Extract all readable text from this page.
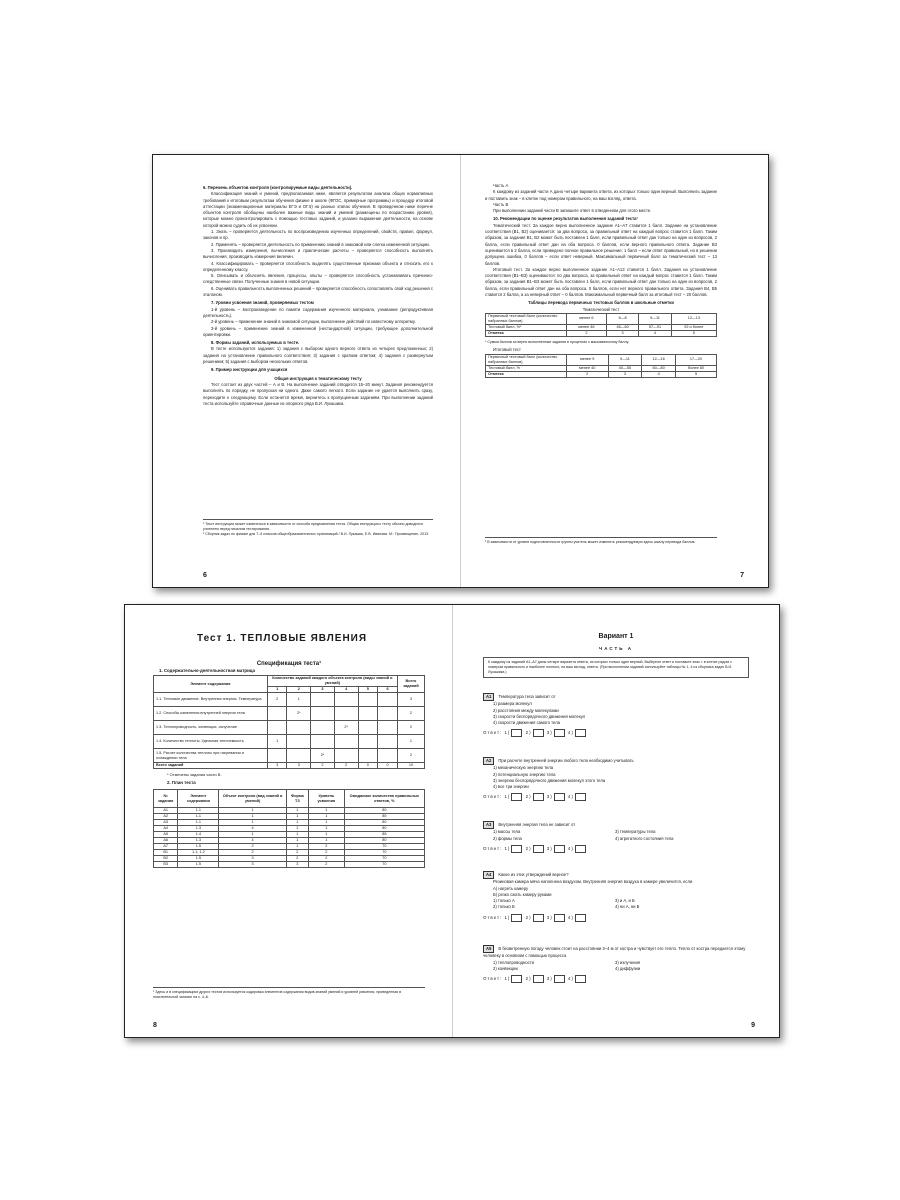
6. Перечень объектов контроля (контролируемые виды деятельности).
Классификация знаний и умений, предполагаемая ниже, является результатом анализа общих нормативных требований к итоговым результатам обучения физике в школе (ФГОС, примерные программы) и процедур итоговой аттестации (экзаменационные материалы ЕГЭ и ОГЭ) на разных этапах обучения. В проведенном ниже перечне объектов контроля обобщены наиболее важные виды знаний и умений (размещены по возрастанию уровня), которые можно проконтролировать с помощью тестовых заданий, и указано выражение деятельности, на основе которой можно судить об их усвоении.
1. Знать – проверяется деятельность по воспроизведению изученных определений, свойств, правил, формул, законов и пр.
2. Применять – проверяется деятельность по применению знаний в знакомой или слегка измененной ситуации.
3. Производить измерения, вычисления и практические расчеты – проверяется способность выполнять вычисления, производить измерения величин.
4. Классифицировать – проверяется способность выделять существенные признаки объекта и относить его к определенному классу.
5. Описывать и объяснять явления, процессы, опыты – проверяется способность устанавливать причинно-следственные связи. Полученные знания в новой ситуации.
6. Оценивать правильность выполненных решений – проверяется способность сопоставлять свой ход решения с эталоном.
7. Уровни усвоения знаний, проверяемых тестом
1-й уровень – воспроизведение по памяти содержания изученного материала, узнавание (репродуктивная деятельность).
2-й уровень – применение знаний в знакомой ситуации, выполнение действий по известному алгоритму.
3-й уровень – применение знаний в измененной (нестандартной) ситуации, требующее дополнительной ориентировки.
8. Формы заданий, используемых в тесте.
В тесте используются задания: 1) задания с выбором одного верного ответа из четырех предложенных; 2) задания на установление правильного соответствия; 3) задания с кратким ответом; 4) задания с развернутым решением; 5) задания с выбором нескольких ответов.
9. Пример инструкции для учащихся
Общая инструкция к тематическому тесту
Тест состоит из двух частей – А и В. На выполнение заданий отводится 15–20 минут. Задания рекомендуется выполнять по порядку, не пропуская ни одного. Даже самого легкого. Если задание не удается выполнить сразу, переходите к следующему. Если останется время, вернитесь к пропущенным заданиям. При выполнении заданий теста используйте справочные данные из опорного ряда В.И. Лукашика.
¹ Текст инструкции может изменяться в зависимости от способа предъявления теста. Общая инструкция к тесту обычно доводится учителем перед началом тестирования.
² Сборник задач по физике для 7–9 классов общеобразовательных организаций / В.И. Лукашик, Е.В. Иванова. М.: Просвещение, 2013.
6
Часть А
К каждому из заданий части А дано четыре варианта ответа, из которых только один верный. Выполнить задание и поставить знак – в клетке под номером правильного, на ваш взгляд, ответа.
Часть В
При выполнении заданий части В запишите ответ в отведенном для этого месте.
10. Рекомендации по оценке результатов выполнения заданий теста²
Тематический тест. За каждое верно выполненное задание А1–А7 ставится 1 балл. Задание на установление соответствия (В1, В2) оценивается: за два вопроса, за правильный ответ на каждый вопрос ставится 1 балл. Таким образом, за задания В1, В2 может быть поставлен 1 балл, если правильный ответ дан только на один из вопросов, 2 балла, если правильный ответ дан на оба вопроса. 0 баллов, если верного правильного ответа. Задание В3 оценивается в 2 балла, если приведено полное правильное решение; 1 балл – если ответ правильный, но в решении допущена ошибка, 0 баллов – если ответ неверный. Максимальный первичный балл за тематический тест – 13 баллов.
Итоговый тест. За каждое верно выполненное задание А1–А13 ставится 1 балл. Задания на установление соответствия (В1–В3) оцениваются: по два вопроса, за правильный ответ на каждый вопрос ставится 1 балл. Таким образом, за задания В1–В3 может быть поставлен 1 балл, если правильный ответ дан только на один из вопросов, 2 балла, если правильный ответ дан на оба вопроса. 0 баллов, если нет верного правильного ответа. Задания В4, В5 ставится 2 балла, а за неверный ответ – 0 баллов. Максимальный первичный балл за итоговый тест – 20 баллов.
Таблицы перевода первичных тестовых баллов в школьные отметки
Тематический тест
Первичный тестовый балл (количество набранных баллов)	менее 6	6—8	9—11	12—13
Тестовый балл, %*	менее 46	46—60	57—91	92 и более
Отметка	2	3	4	5
* Сумма баллов за верно выполненные задания в процентах к максимальному баллу.
Итоговый тест
Первичный тестовый балл (количество набранных баллов)	менее 9	9—11	12—16	17—20
Тестовый балл, %	менее 40	40—55	60—80	более 80
Отметка	2	3	4	5
² В зависимости от уровня подготовленности группы учитель может изменить рекомендуемую здесь шкалу перевода баллов.
7
Тест 1. ТЕПЛОВЫЕ ЯВЛЕНИЯ
Спецификация теста¹
1. Содержательно-деятельностная матрица
Элемент содержания	Количество заданий каждого объекта контроля (виды знаний и умений)						Всего заданий
	1	2	3	4	5	6	
1.1. Тепловое движение. Внутренняя энергия. Температура	2	1					3
1.2. Способы изменения внутренней энергии тела		2*					2
1.3. Теплопроводность, конвекция, излучение				2*			2
1.4. Количество теплоты. Удельная теплоемкость	1						1
1.5. Расчет количества теплоты при нагревании и охлаждении тела			2*				2
Всего заданий	3	3	2	2	0	0	10
* Отмечены задания части В.
2. План теста
№ задания	Элемент содержания	Объект контроля (вид знаний и умений)	Форма ТЗ	Уровень усвоения	Ожидаемое количество правильных ответов, %
А1	1.1	1	1	1	80
А2	1.1	1	1	1	85
А3	1.1	1	1	1	80
А4	1.3	4	1	1	80
А5	1.4	1	1	1	85
А6	1.3	4	1	1	80
А7	1.5	2	1	2	70
В1	1.1, 1.2	2	2	2	70
В2	1.5	3	2	2	70
В3	1.5	3	3	2	70
¹ Здесь и в спецификациях других тестов используется кодировка элементов содержания видов знаний умений и уровней усвоения, приведенная в пояснительной записке на с. 4–6.
8
Вариант 1
ЧАСТЬ А
К каждому из заданий А1–А7 даны четыре варианта ответа, из которых только один верный. Выберите ответ и поставьте знак × в клетке рядом с номером правильного и наиболее полного, на ваш взгляд, ответа. (При выполнении заданий используйте таблицы № 1, 4 из сборника задач В.И. Лукашика.)
А1 Температура тела зависит от
1) размера молекул
2) расстояния между молекулами
3) скорости беспорядочного движения молекул
4) скорости движения самого тела
Ответ: 1)	2)	3)	4)
А2 При расчете внутренней энергии любого тела необходимо учитывать
1) механическую энергию тела
2) потенциальную энергию тела
3) энергию беспорядочного движения молекул этого тела
4) все три энергии
Ответ: 1)	2)	3)	4)
А3 Внутренняя энергия тела не зависит от
1) массы тела	3) температуры тела
2) формы тела	4) агрегатного состояния тела
Ответ: 1)	2)	3)	4)
А4 Какое из этих утверждений верное?
Резиновая камера мяча наполнена воздухом. Внутренняя энергия воздуха в камере увеличится, если
А) нагреть камеру
Б) резко сжать камеру руками
1) только А	3) и А, и Б
2) только Б	4) ни А, ни Б
Ответ: 1)	2)	3)	4)
А5 В безветренную погоду человек стоит на расстоянии 3–4 м от костра и чувствует его тепло. Тепло от костра передается этому человеку в основном с помощью процесса
1) теплопроводности	3) излучения
2) конвекции	4) диффузии
Ответ: 1)	2)	3)	4)
9
